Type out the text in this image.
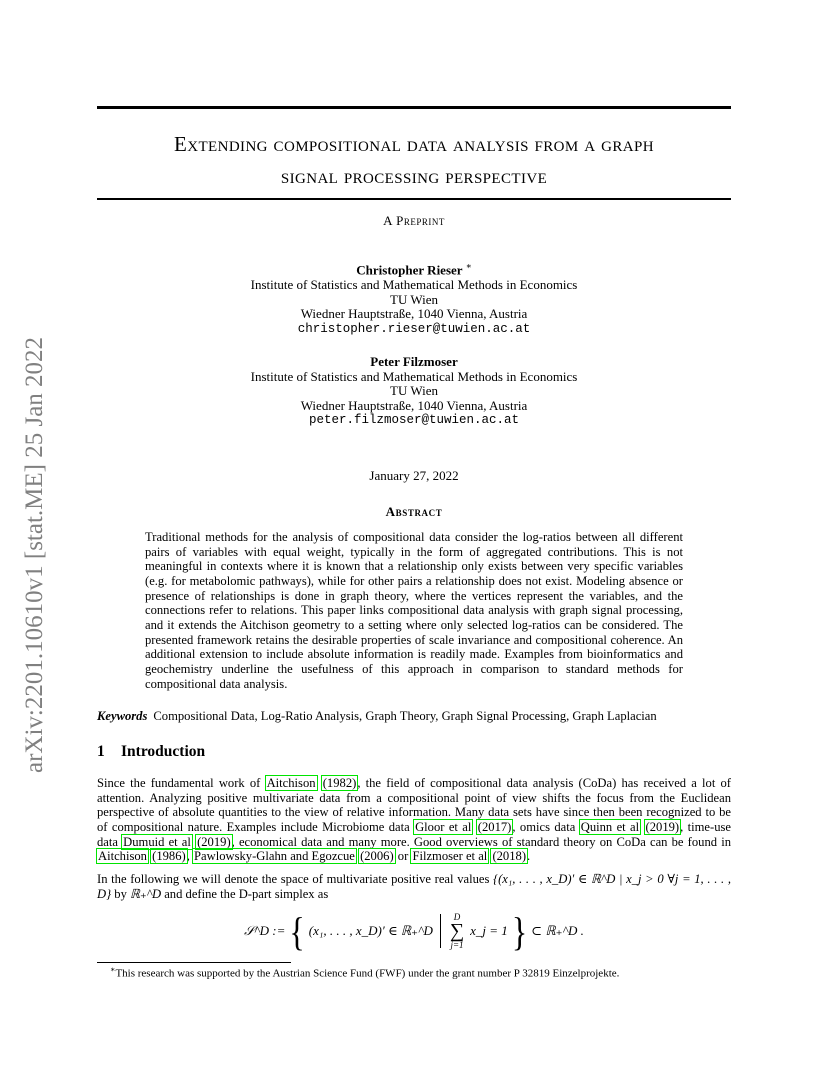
arXiv:2201.10610v1 [stat.ME] 25 Jan 2022
Extending compositional data analysis from a graph
signal processing perspective
A Preprint
Christopher Rieser ∗
Institute of Statistics and Mathematical Methods in Economics
TU Wien
Wiedner Hauptstraße, 1040 Vienna, Austria
christopher.rieser@tuwien.ac.at
Peter Filzmoser
Institute of Statistics and Mathematical Methods in Economics
TU Wien
Wiedner Hauptstraße, 1040 Vienna, Austria
peter.filzmoser@tuwien.ac.at
January 27, 2022
Abstract
Traditional methods for the analysis of compositional data consider the log-ratios between all different pairs of variables with equal weight, typically in the form of aggregated contributions. This is not meaningful in contexts where it is known that a relationship only exists between very specific variables (e.g. for metabolomic pathways), while for other pairs a relationship does not exist. Modeling absence or presence of relationships is done in graph theory, where the vertices represent the variables, and the connections refer to relations. This paper links compositional data analysis with graph signal processing, and it extends the Aitchison geometry to a setting where only selected log-ratios can be considered. The presented framework retains the desirable properties of scale invariance and compositional coherence. An additional extension to include absolute information is readily made. Examples from bioinformatics and geochemistry underline the usefulness of this approach in comparison to standard methods for compositional data analysis.
Keywords Compositional Data, Log-Ratio Analysis, Graph Theory, Graph Signal Processing, Graph Laplacian
1 Introduction
Since the fundamental work of Aitchison (1982), the field of compositional data analysis (CoDa) has received a lot of attention. Analyzing positive multivariate data from a compositional point of view shifts the focus from the Euclidean perspective of absolute quantities to the view of relative information. Many data sets have since then been recognized to be of compositional nature. Examples include Microbiome data Gloor et al (2017), omics data Quinn et al (2019), time-use data Dumuid et al (2019), economical data and many more. Good overviews of standard theory on CoDa can be found in Aitchison (1986), Pawlowsky-Glahn and Egozcue (2006) or Filzmoser et al (2018).
In the following we will denote the space of multivariate positive real values {(x₁, . . . , x_D)′ ∈ ℝ^D | x_j > 0 ∀j = 1, . . . , D} by ℝ₊^D and define the D-part simplex as
𝒮^D := { (x₁, . . . , x_D)′ ∈ ℝ₊^D
D
∑
j=1
x_j = 1 } ⊂ ℝ₊^D .
∗This research was supported by the Austrian Science Fund (FWF) under the grant number P 32819 Einzelprojekte.
